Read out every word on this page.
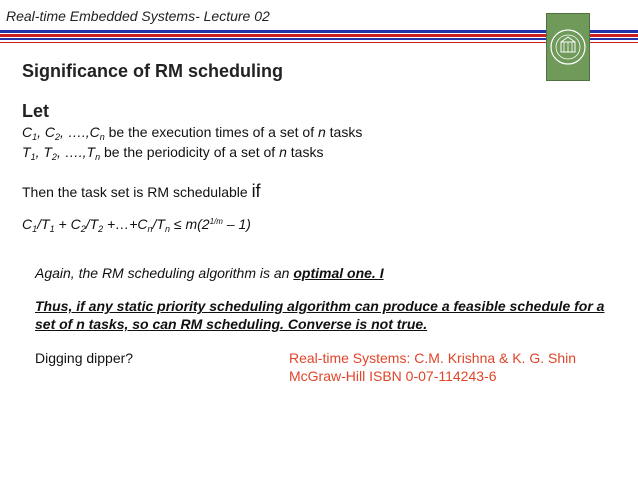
Real-time Embedded Systems- Lecture 02
Significance of RM scheduling
Let
$C_1$, $C_2$, $\dots.,C_n$ be the execution times of a set of n tasks
$T_1$, $T_2$, $\dots.,T_n$ be the periodicity of a set of n tasks
Then the task set is RM schedulable if
$C_1/T_1 + C_2/T_2$ $+\dots+C_n/T_n \le m(2^{1/m} - 1)$
Again, the RM scheduling algorithm is an optimal one. I
Thus, if any static priority scheduling algorithm can produce a feasible schedule for a
set of n tasks, so can RM scheduling. Converse is not true.
Digging dipper?	Real-time Systems: C.M. Krishna & K. G. Shin
McGraw-Hill ISBN 0-07-114243-6
